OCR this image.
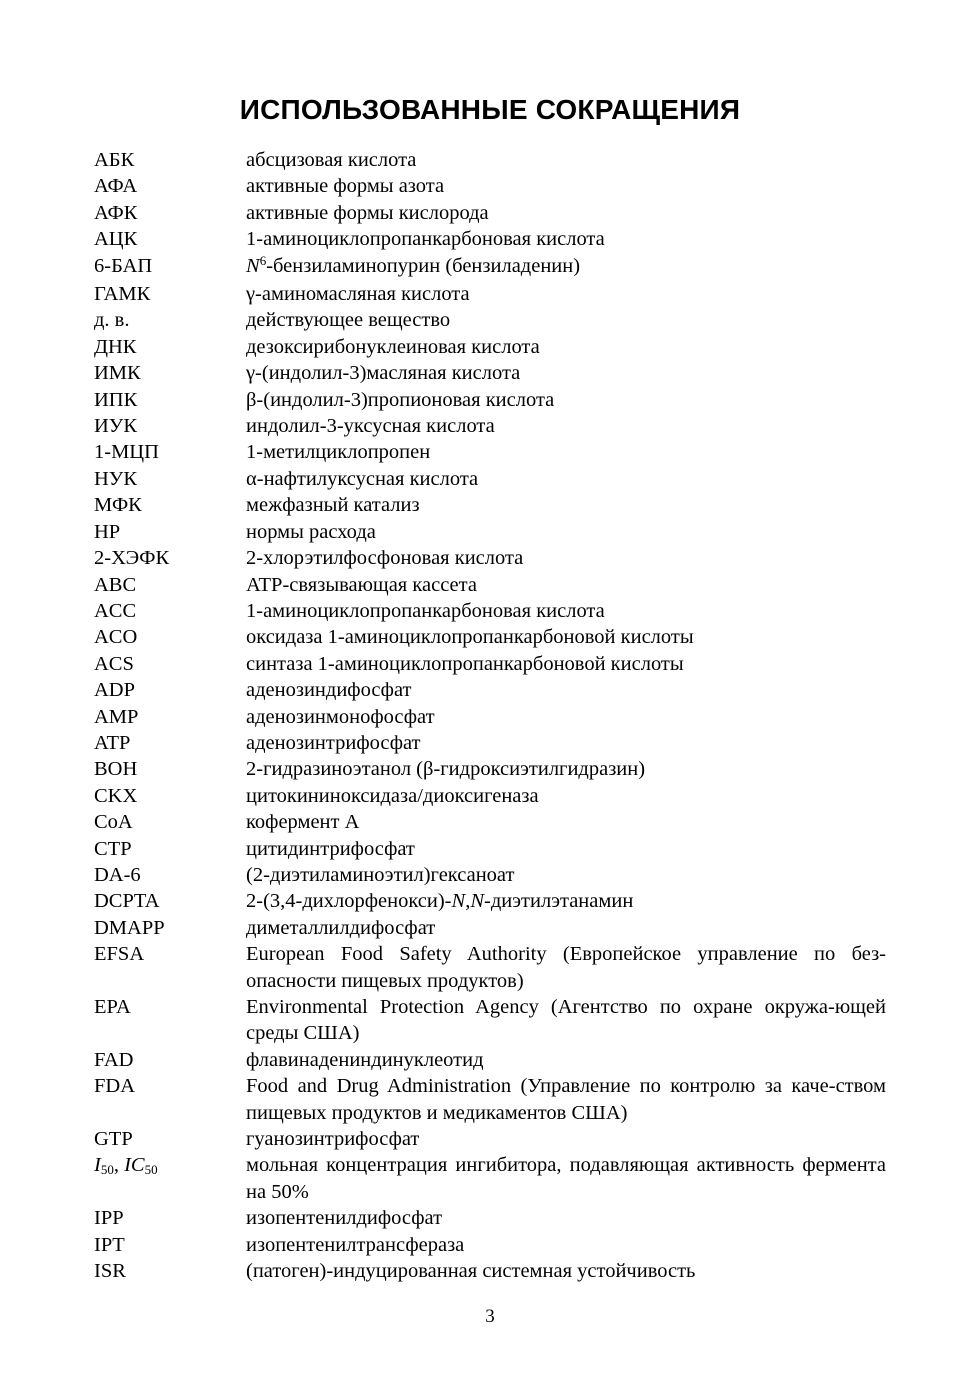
ИСПОЛЬЗОВАННЫЕ СОКРАЩЕНИЯ
АБК	абсцизовая кислота
АФА	активные формы азота
АФК	активные формы кислорода
АЦК	1-аминоциклопропанкарбоновая кислота
6-БАП	$N^6$-бензиламинопурин (бензиладенин)
ГАМК	γ-аминомасляная кислота
д. в.	действующее вещество
ДНК	дезоксирибонуклеиновая кислота
ИМК	γ-(индолил-3)масляная кислота
ИПК	β-(индолил-3)пропионовая кислота
ИУК	индолил-3-уксусная кислота
1-МЦП	1-метилциклопропен
НУК	α-нафтилуксусная кислота
МФК	межфазный катализ
НР	нормы расхода
2-ХЭФК	2-хлорэтилфосфоновая кислота
ABC	ATP-связывающая кассета
ACC	1-аминоциклопропанкарбоновая кислота
ACO	оксидаза 1-аминоциклопропанкарбоновой кислоты
ACS	синтаза 1-аминоциклопропанкарбоновой кислоты
ADP	аденозиндифосфат
AMP	аденозинмонофосфат
ATP	аденозинтрифосфат
BOH	2-гидразиноэтанол (β-гидроксиэтилгидразин)
CKX	цитокининоксидаза/диоксигеназа
CoA	кофермент А
CTP	цитидинтрифосфат
DA-6	(2-диэтиламиноэтил)гексаноат
DCPTA	2-(3,4-дихлорфенокси)-N,N-диэтилэтанамин
DMAPP	диметаллилдифосфат
EFSA	European Food Safety Authority (Европейское управление по без-опасности пищевых продуктов)
EPA	Environmental Protection Agency (Агентство по охране окружа-ющей среды США)
FAD	флавинадениндинуклеотид
FDA	Food and Drug Administration (Управление по контролю за каче-ством пищевых продуктов и медикаментов США)
GTP	гуанозинтрифосфат
$I_{50}$, $IC_{50}$	мольная концентрация ингибитора, подавляющая активность фермента на 50%
IPP	изопентенилдифосфат
IPT	изопентенилтрансфераза
ISR	(патоген)-индуцированная системная устойчивость
3
